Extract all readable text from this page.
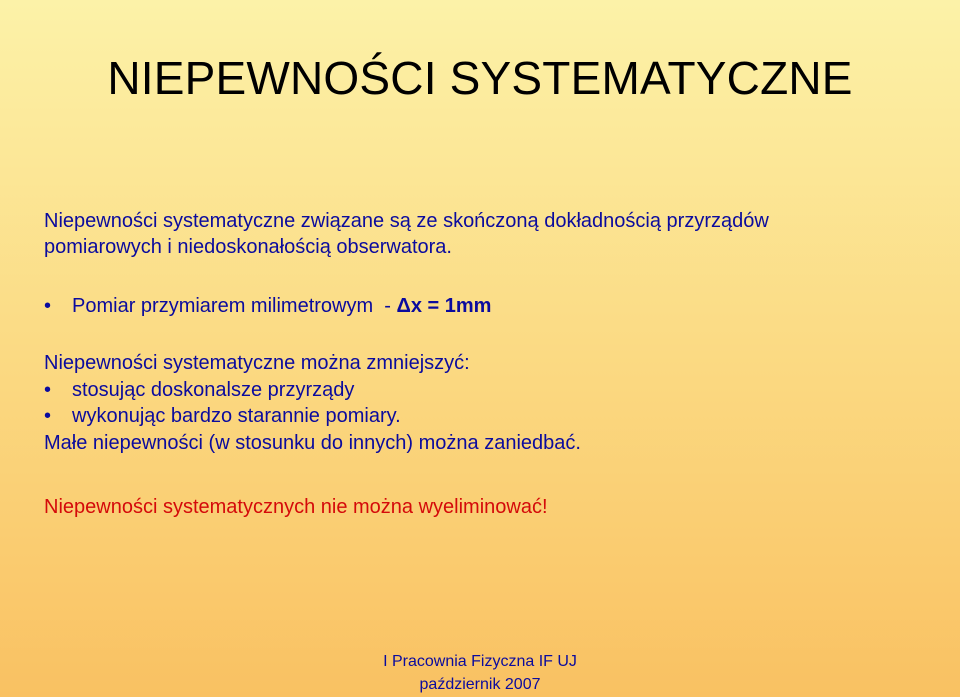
NIEPEWNOŚCI SYSTEMATYCZNE
Niepewności systematyczne związane są ze skończoną dokładnością przyrządów
pomiarowych i niedoskonałością obserwatora.
•	Pomiar przymiarem milimetrowym  - Δx = 1mm
Niepewności systematyczne można zmniejszyć:
•	stosując doskonalsze przyrządy
•	wykonując bardzo starannie pomiary.
Małe niepewności (w stosunku do innych) można zaniedbać.
Niepewności systematycznych nie można wyeliminować!
I Pracownia Fizyczna IF UJ
październik 2007
